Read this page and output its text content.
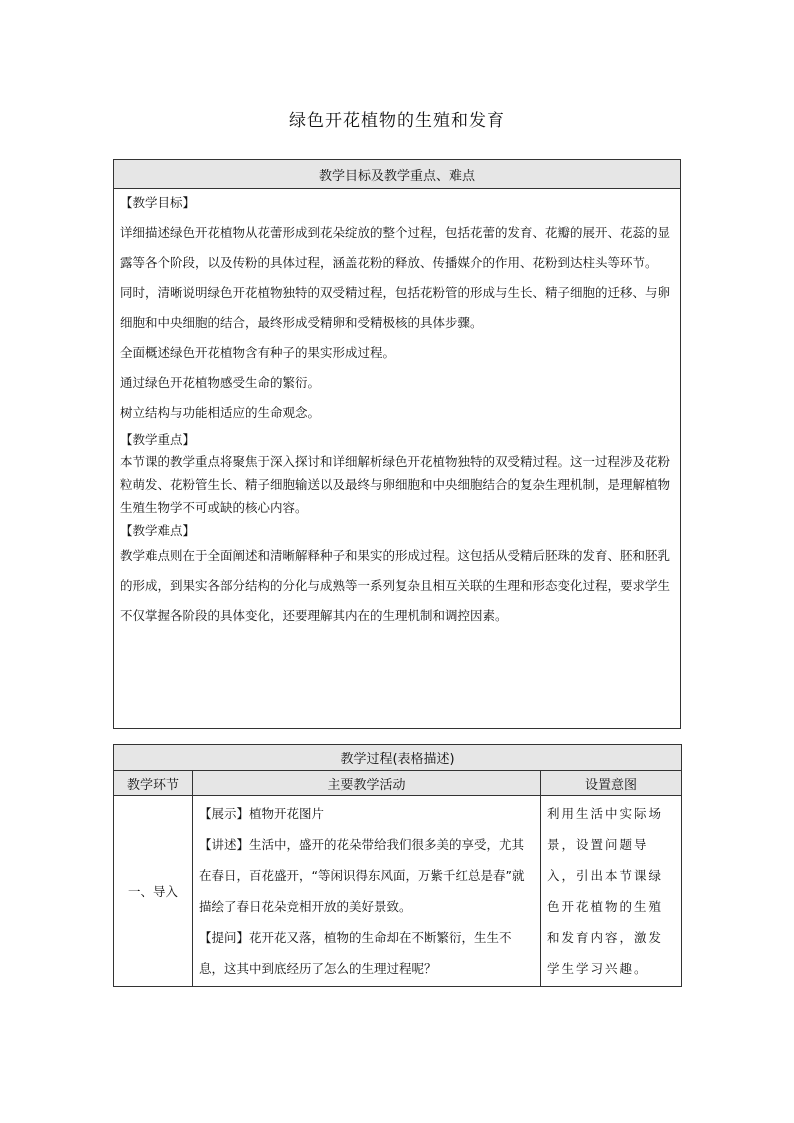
绿色开花植物的生殖和发育
教学目标及教学重点、难点

【教学目标】

详细描述绿色开花植物从花蕾形成到花朵绽放的整个过程，包括花蕾的发育、花瓣的展开、花蕊的显露等各个阶段，以及传粉的具体过程，涵盖花粉的释放、传播媒介的作用、花粉到达柱头等环节。

同时，清晰说明绿色开花植物独特的双受精过程，包括花粉管的形成与生长、精子细胞的迁移、与卵细胞和中央细胞的结合，最终形成受精卵和受精极核的具体步骤。

全面概述绿色开花植物含有种子的果实形成过程。

通过绿色开花植物感受生命的繁衍。

树立结构与功能相适应的生命观念。

【教学重点】

本节课的教学重点将聚焦于深入探讨和详细解析绿色开花植物独特的双受精过程。这一过程涉及花粉粒萌发、花粉管生长、精子细胞输送以及最终与卵细胞和中央细胞结合的复杂生理机制，是理解植物生殖生物学不可或缺的核心内容。

【教学难点】

教学难点则在于全面阐述和清晰解释种子和果实的形成过程。这包括从受精后胚珠的发育、胚和胚乳的形成，到果实各部分结构的分化与成熟等一系列复杂且相互关联的生理和形态变化过程，要求学生不仅掌握各阶段的具体变化，还要理解其内在的生理机制和调控因素。

教学过程(表格描述)		
教学环节	主要教学活动	设置意图
一、导入	【展示】植物开花图片

【讲述】生活中，盛开的花朵带给我们很多美的享受，尤其在春日，百花盛开，“等闲识得东风面，万紫千红总是春”就描绘了春日花朵竞相开放的美好景致。

【提问】花开花又落，植物的生命却在不断繁衍，生生不息，这其中到底经历了怎么的生理过程呢？	利用生活中实际场景，设置问题导入，引出本节课绿色开花植物的生殖和发育内容，激发学生学习兴趣。
